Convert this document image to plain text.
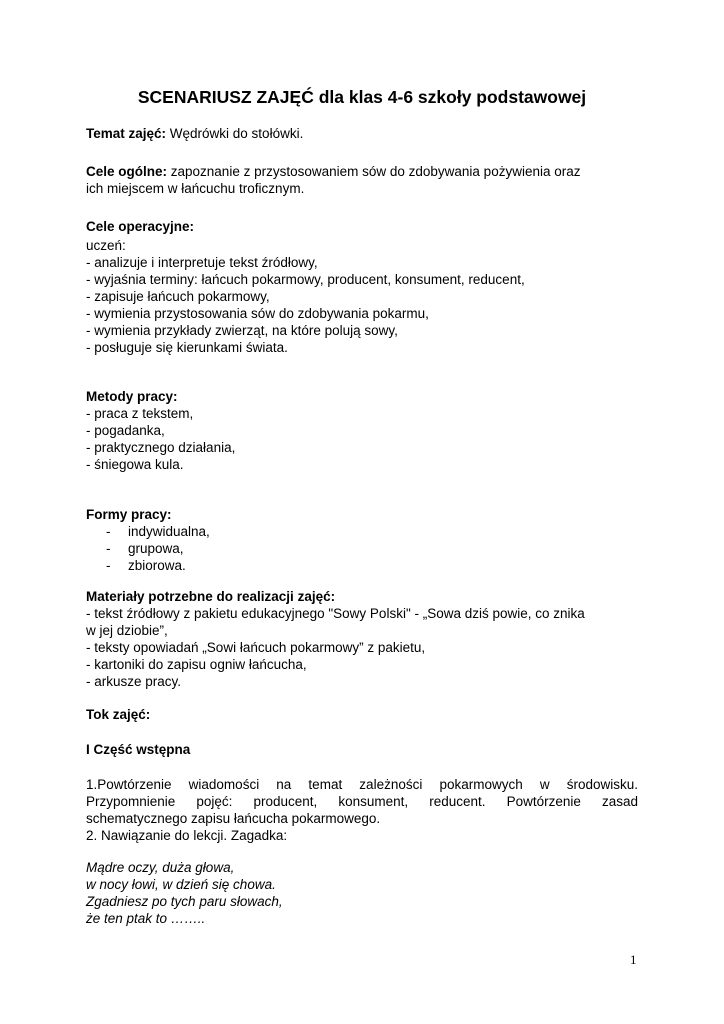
SCENARIUSZ ZAJĘĆ dla klas 4-6 szkoły podstawowej
Temat zajęć: Wędrówki do stołówki.
Cele ogólne: zapoznanie z przystosowaniem sów do zdobywania pożywienia oraz
ich miejscem w łańcuchu troficznym.
Cele operacyjne:
uczeń:
- analizuje i interpretuje tekst źródłowy,
- wyjaśnia terminy: łańcuch pokarmowy, producent, konsument, reducent,
- zapisuje łańcuch pokarmowy,
- wymienia przystosowania sów do zdobywania pokarmu,
- wymienia przykłady zwierząt, na które polują sowy,
- posługuje się kierunkami świata.
Metody pracy:
- praca z tekstem,
- pogadanka,
- praktycznego działania,
- śniegowa kula.
Formy pracy:
- indywidualna,
- grupowa,
- zbiorowa.
Materiały potrzebne do realizacji zajęć:
- tekst źródłowy z pakietu edukacyjnego "Sowy Polski" - „Sowa dziś powie, co znika
w jej dziobie”,
- teksty opowiadań „Sowi łańcuch pokarmowy” z pakietu,
- kartoniki do zapisu ogniw łańcucha,
- arkusze pracy.
Tok zajęć:
I Część wstępna
1.Powtórzenie wiadomości na temat zależności pokarmowych w środowisku.
Przypomnienie pojęć: producent, konsument, reducent. Powtórzenie zasad
schematycznego zapisu łańcucha pokarmowego.
2. Nawiązanie do lekcji. Zagadka:
Mądre oczy, duża głowa,
w nocy łowi, w dzień się chowa.
Zgadniesz po tych paru słowach,
że ten ptak to ……..
1
